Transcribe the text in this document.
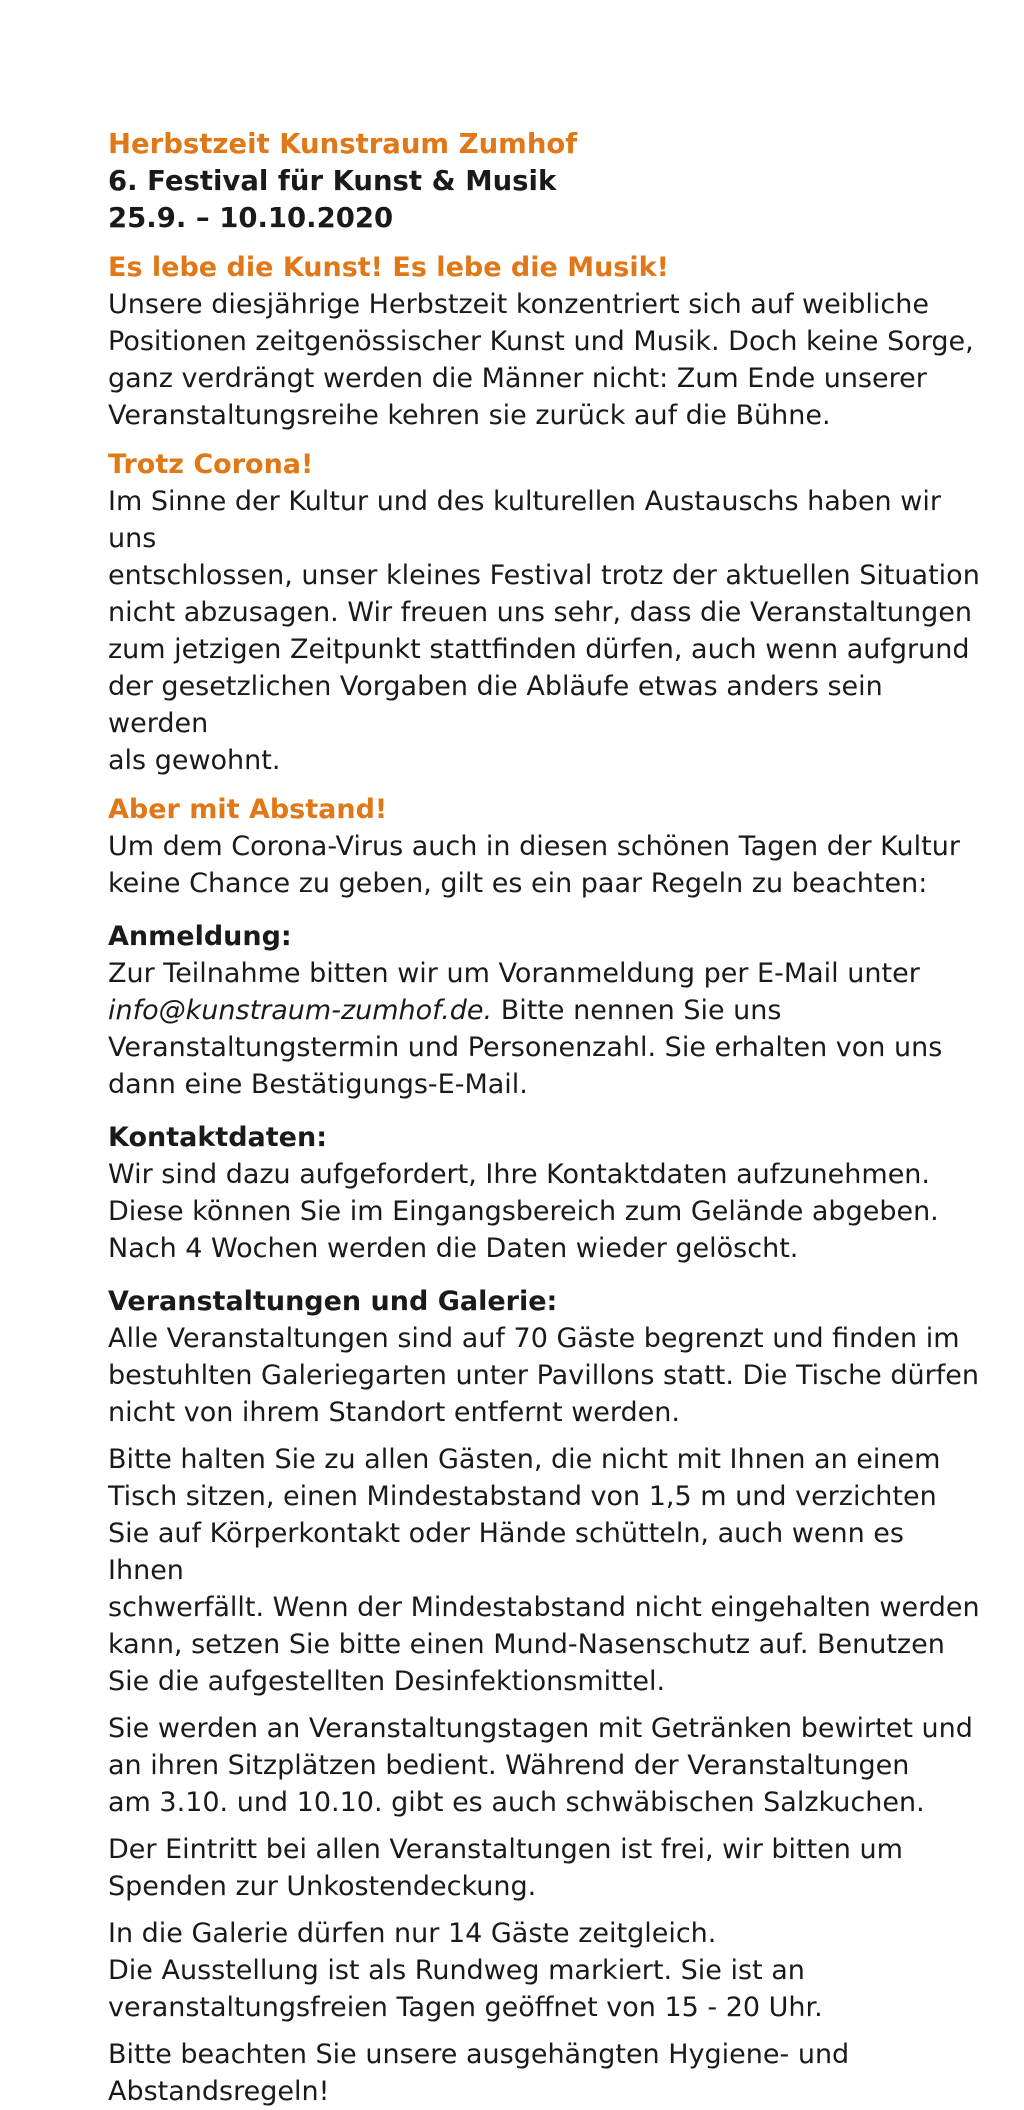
Herbstzeit Kunstraum Zumhof

6. Festival für Kunst & Musik

25.9. – 10.10.2020

Es lebe die Kunst! Es lebe die Musik!

Unsere diesjährige Herbstzeit konzentriert sich auf weibliche
Positionen zeitgenössischer Kunst und Musik. Doch keine Sorge,
ganz verdrängt werden die Männer nicht: Zum Ende unserer
Veranstaltungsreihe kehren sie zurück auf die Bühne.

Trotz Corona!

Im Sinne der Kultur und des kulturellen Austauschs haben wir uns
entschlossen, unser kleines Festival trotz der aktuellen Situation
nicht abzusagen. Wir freuen uns sehr, dass die Veranstaltungen
zum jetzigen Zeitpunkt stattfinden dürfen, auch wenn aufgrund
der gesetzlichen Vorgaben die Abläufe etwas anders sein werden
als gewohnt.

Aber mit Abstand!

Um dem Corona-Virus auch in diesen schönen Tagen der Kultur
keine Chance zu geben, gilt es ein paar Regeln zu beachten:

Anmeldung:

Zur Teilnahme bitten wir um Voranmeldung per E-Mail unter
info@kunstraum-zumhof.de. Bitte nennen Sie uns
Veranstaltungstermin und Personenzahl. Sie erhalten von uns
dann eine Bestätigungs-E-Mail.

Kontaktdaten:

Wir sind dazu aufgefordert, Ihre Kontaktdaten aufzunehmen.
Diese können Sie im Eingangsbereich zum Gelände abgeben.
Nach 4 Wochen werden die Daten wieder gelöscht.

Veranstaltungen und Galerie:

Alle Veranstaltungen sind auf 70 Gäste begrenzt und finden im
bestuhlten Galeriegarten unter Pavillons statt. Die Tische dürfen
nicht von ihrem Standort entfernt werden.

Bitte halten Sie zu allen Gästen, die nicht mit Ihnen an einem
Tisch sitzen, einen Mindestabstand von 1,5 m und verzichten
Sie auf Körperkontakt oder Hände schütteln, auch wenn es Ihnen
schwerfällt. Wenn der Mindestabstand nicht eingehalten werden
kann, setzen Sie bitte einen Mund-Nasenschutz auf. Benutzen
Sie die aufgestellten Desinfektionsmittel.

Sie werden an Veranstaltungstagen mit Getränken bewirtet und
an ihren Sitzplätzen bedient. Während der Veranstaltungen
am 3.10. und 10.10. gibt es auch schwäbischen Salzkuchen.

Der Eintritt bei allen Veranstaltungen ist frei, wir bitten um
Spenden zur Unkostendeckung.

In die Galerie dürfen nur 14 Gäste zeitgleich.
Die Ausstellung ist als Rundweg markiert. Sie ist an
veranstaltungsfreien Tagen geöffnet von 15 - 20 Uhr.

Bitte beachten Sie unsere ausgehängten Hygiene- und
Abstandsregeln!
